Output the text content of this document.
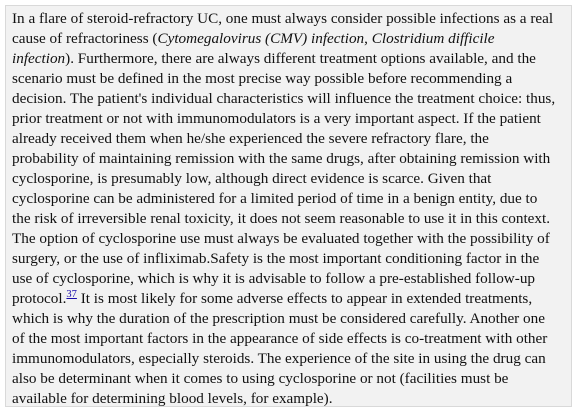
In a flare of steroid-refractory UC, one must always consider possible infections as a real
cause of refractoriness (Cytomegalovirus (CMV) infection, Clostridium difficile
infection). Furthermore, there are always different treatment options available, and the
scenario must be defined in the most precise way possible before recommending a
decision. The patient's individual characteristics will influence the treatment choice: thus,
prior treatment or not with immunomodulators is a very important aspect. If the patient
already received them when he/she experienced the severe refractory flare, the
probability of maintaining remission with the same drugs, after obtaining remission with
cyclosporine, is presumably low, although direct evidence is scarce. Given that
cyclosporine can be administered for a limited period of time in a benign entity, due to
the risk of irreversible renal toxicity, it does not seem reasonable to use it in this context.
The option of cyclosporine use must always be evaluated together with the possibility of
surgery, or the use of infliximab.Safety is the most important conditioning factor in the
use of cyclosporine, which is why it is advisable to follow a pre-established follow-up
protocol.$^{37}$ It is most likely for some adverse effects to appear in extended treatments,
which is why the duration of the prescription must be considered carefully. Another one
of the most important factors in the appearance of side effects is co-treatment with other
immunomodulators, especially steroids. The experience of the site in using the drug can
also be determinant when it comes to using cyclosporine or not (facilities must be
available for determining blood levels, for example).
